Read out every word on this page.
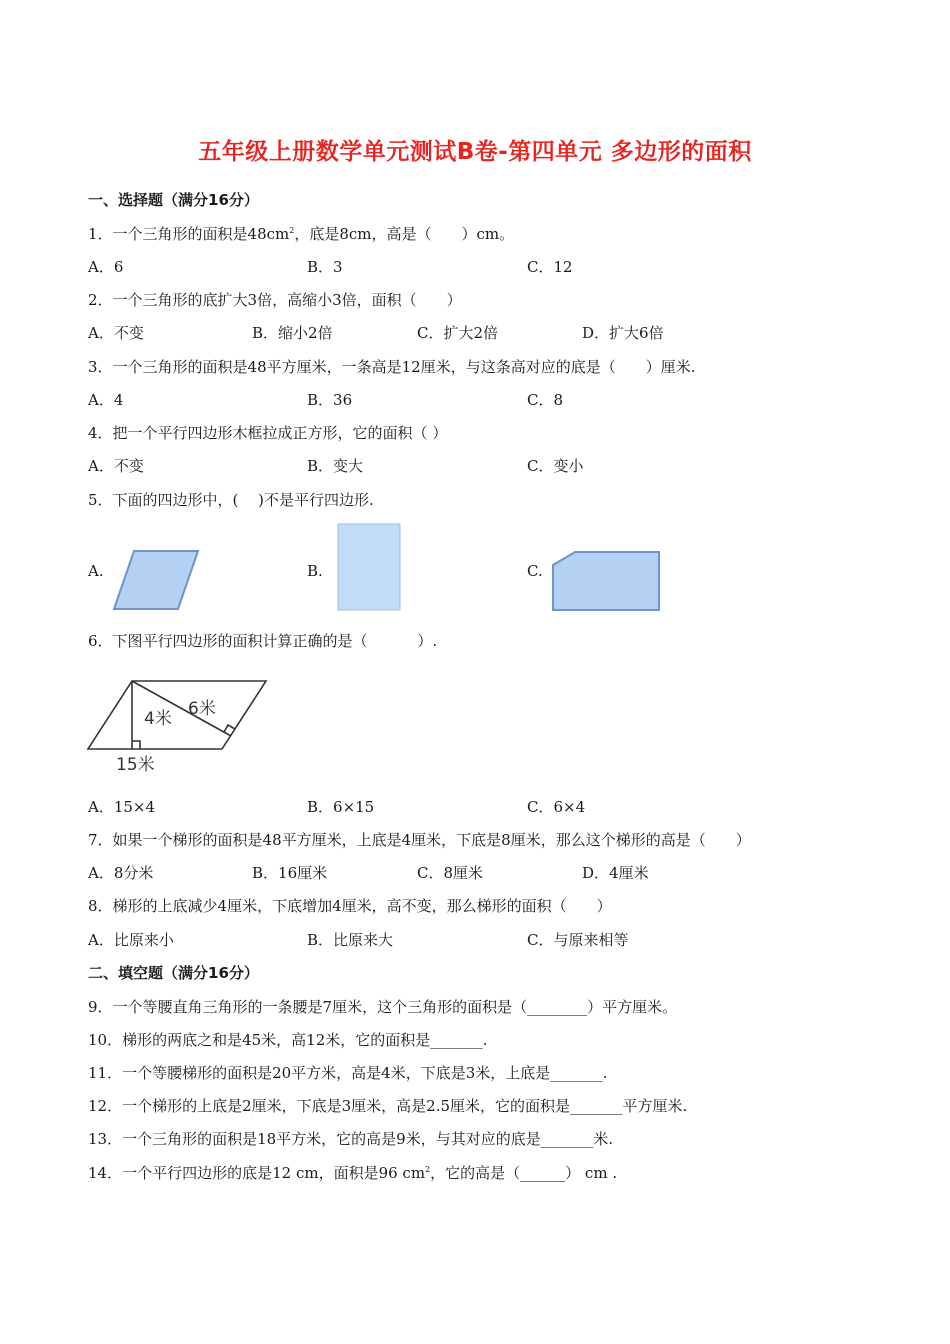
五年级上册数学单元测试B卷-第四单元 多边形的面积
一、选择题（满分16分）
1．一个三角形的面积是$48cm^2$，底是8cm，高是（　　）cm。
A．6	B．3	C．12
2．一个三角形的底扩大3倍，高缩小3倍，面积（　　）
A．不变	B．缩小2倍	C．扩大2倍	D．扩大6倍
3．一个三角形的面积是48平方厘米，一条高是12厘米，与这条高对应的底是（　　）厘米.
A．4	B．36	C．8
4．把一个平行四边形木框拉成正方形，它的面积（ ）
A．不变	B．变大	C．变小
5．下面的四边形中，(　 )不是平行四边形.
A.	B.	C.
6．下图平行四边形的面积计算正确的是（　　　 ）.
4米 6米
15米
A．15×4	B．6×15	C．6×4
7．如果一个梯形的面积是48平方厘米，上底是4厘米，下底是8厘米，那么这个梯形的高是（　　）
A．8分米	B．16厘米	C．8厘米	D．4厘米
8．梯形的上底减少4厘米，下底增加4厘米，高不变，那么梯形的面积（　　）
A．比原来小	B．比原来大	C．与原来相等
二、填空题（满分16分）
9．一个等腰直角三角形的一条腰是7厘米，这个三角形的面积是（________）平方厘米。
10．梯形的两底之和是45米，高12米，它的面积是_______.
11．一个等腰梯形的面积是20平方米，高是4米，下底是3米，上底是_______.
12．一个梯形的上底是2厘米，下底是3厘米，高是2.5厘米，它的面积是_______平方厘米.
13．一个三角形的面积是18平方米，它的高是9米，与其对应的底是_______米.
14．一个平行四边形的底是12 cm，面积是96 $cm^2$，它的高是（______） cm .
